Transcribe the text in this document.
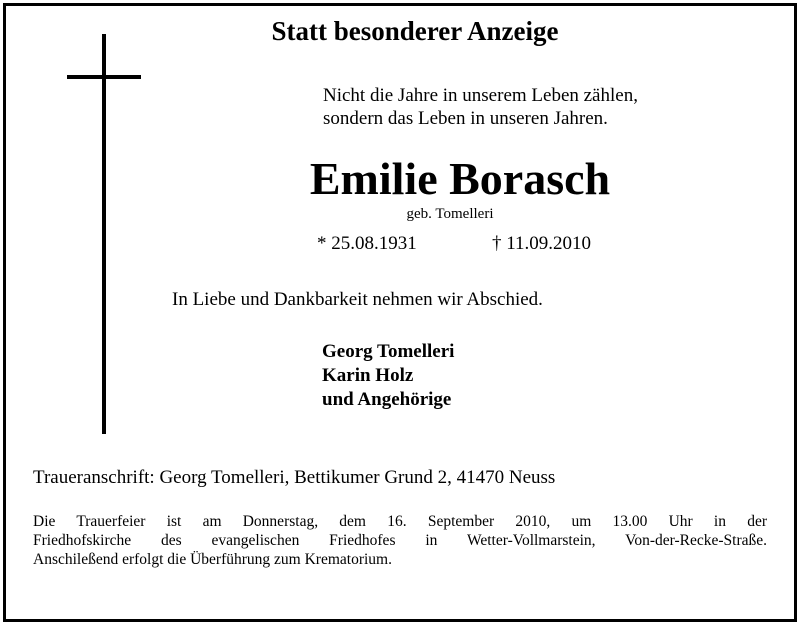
Statt besonderer Anzeige
Nicht die Jahre in unserem Leben zählen,
sondern das Leben in unseren Jahren.
Emilie Borasch
geb. Tomelleri
* 25.08.1931	† 11.09.2010
In Liebe und Dankbarkeit nehmen wir Abschied.
Georg Tomelleri
Karin Holz
und Angehörige
Traueranschrift: Georg Tomelleri, Bettikumer Grund 2, 41470 Neuss
Die Trauerfeier ist am Donnerstag, dem 16. September 2010, um 13.00 Uhr in der
Friedhofskirche des evangelischen Friedhofes in Wetter-Vollmarstein, Von-der-Recke-Straße.
Anschileßend erfolgt die Überführung zum Krematorium.
